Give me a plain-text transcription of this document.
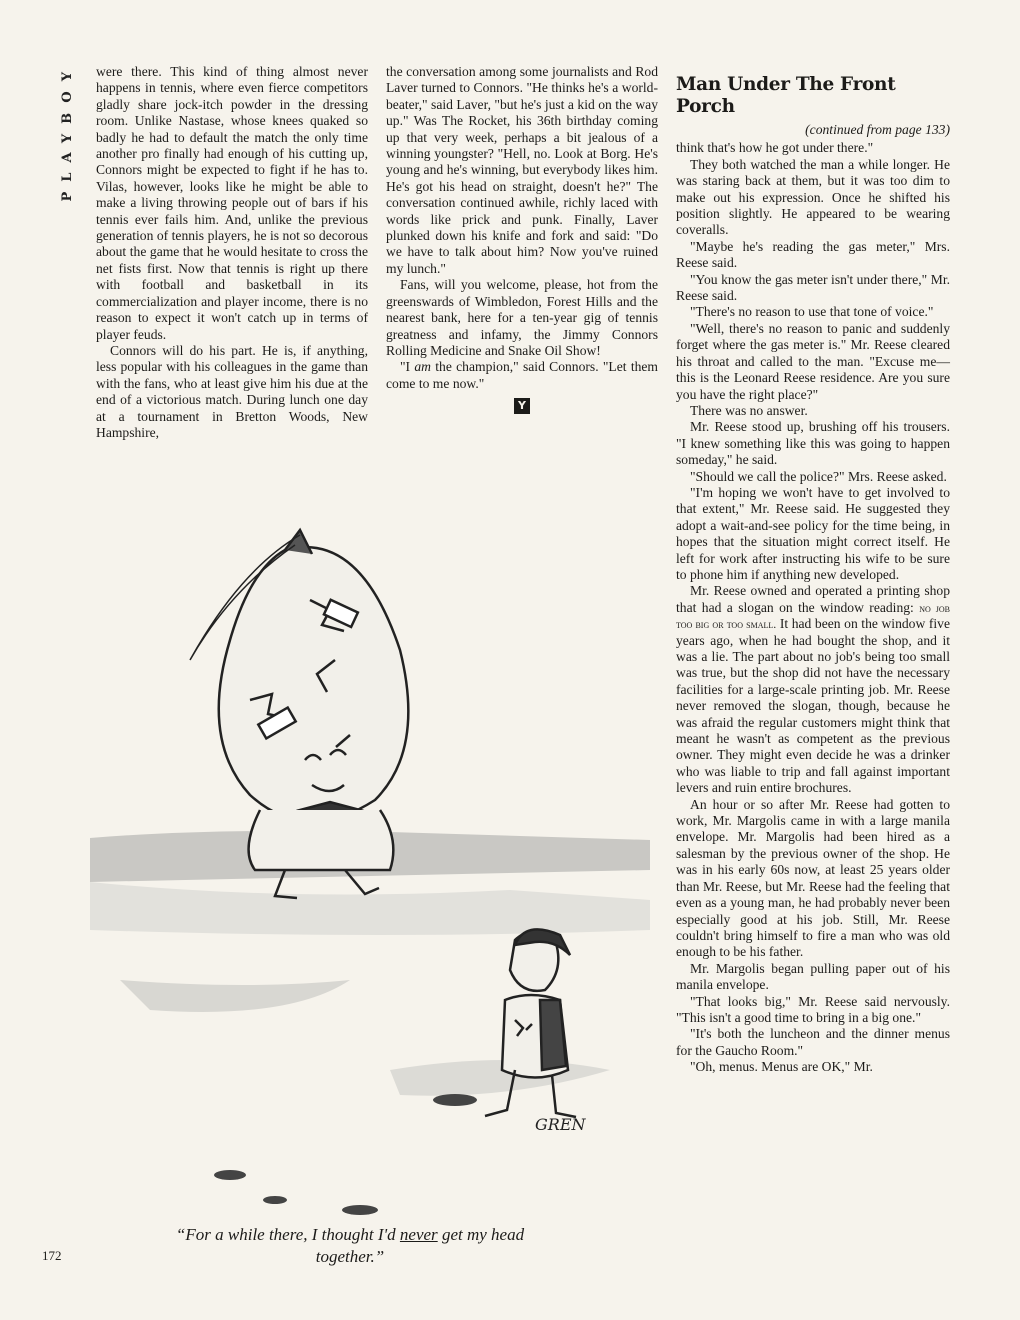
PLAYBOY	were there. This kind of thing almost never happens in tennis, where even fierce competitors gladly share jock-itch powder in the dressing room. Unlike Nastase, whose knees quaked so badly he had to default the match the only time another pro finally had enough of his cutting up, Connors might be expected to fight if he has to. Vilas, however, looks like he might be able to make a living throwing people out of bars if his tennis ever fails him. And, unlike the previous generation of tennis players, he is not so decorous about the game that he would hesitate to cross the net fists first. Now that tennis is right up there with football and basketball in its commercialization and player income, there is no reason to expect it won't catch up in terms of player feuds.

Connors will do his part. He is, if anything, less popular with his colleagues in the game than with the fans, who at least give him his due at the end of a victorious match. During lunch one day at a tournament in Bretton Woods, New Hampshire,

the conversation among some journalists and Rod Laver turned to Connors. "He thinks he's a world-beater," said Laver, "but he's just a kid on the way up." Was The Rocket, his 36th birthday coming up that very week, perhaps a bit jealous of a winning youngster? "Hell, no. Look at Borg. He's young and he's winning, but everybody likes him. He's got his head on straight, doesn't he?" The conversation continued awhile, richly laced with words like prick and punk. Finally, Laver plunked down his knife and fork and said: "Do we have to talk about him? Now you've ruined my lunch."

Fans, will you welcome, please, hot from the greenswards of Wimbledon, Forest Hills and the nearest bank, here for a ten-year gig of tennis greatness and infamy, the Jimmy Connors Rolling Medicine and Snake Oil Show!

"I am the champion," said Connors. "Let them come to me now."

Y
Man Under The Front Porch
(continued from page 133)

think that's how he got under there."

They both watched the man a while longer. He was staring back at them, but it was too dim to make out his expression. Once he shifted his position slightly. He appeared to be wearing coveralls.

"Maybe he's reading the gas meter," Mrs. Reese said.

"You know the gas meter isn't under there," Mr. Reese said.

"There's no reason to use that tone of voice."

"Well, there's no reason to panic and suddenly forget where the gas meter is." Mr. Reese cleared his throat and called to the man. "Excuse me—this is the Leonard Reese residence. Are you sure you have the right place?"

There was no answer.

Mr. Reese stood up, brushing off his trousers. "I knew something like this was going to happen someday," he said.

"Should we call the police?" Mrs. Reese asked.

"I'm hoping we won't have to get involved to that extent," Mr. Reese said. He suggested they adopt a wait-and-see policy for the time being, in hopes that the situation might correct itself. He left for work after instructing his wife to be sure to phone him if anything new developed.

Mr. Reese owned and operated a printing shop that had a slogan on the window reading: no job too big or too small. It had been on the window five years ago, when he had bought the shop, and it was a lie. The part about no job's being too small was true, but the shop did not have the necessary facilities for a large-scale printing job. Mr. Reese never removed the slogan, though, because he was afraid the regular customers might think that meant he wasn't as competent as the previous owner. They might even decide he was a drinker who was liable to trip and fall against important levers and ruin entire brochures.

An hour or so after Mr. Reese had gotten to work, Mr. Margolis came in with a large manila envelope. Mr. Margolis had been hired as a salesman by the previous owner of the shop. He was in his early 60s now, at least 25 years older than Mr. Reese, but Mr. Reese had the feeling that even as a young man, he had probably never been especially good at his job. Still, Mr. Reese couldn't bring himself to fire a man who was old enough to be his father.

Mr. Margolis began pulling paper out of his manila envelope.

"That looks big," Mr. Reese said nervously. "This isn't a good time to bring in a big one."

"It's both the luncheon and the dinner menus for the Gaucho Room."

"Oh, menus. Menus are OK," Mr.

GREN
“For a while there, I thought I'd never get my head together.”
172
